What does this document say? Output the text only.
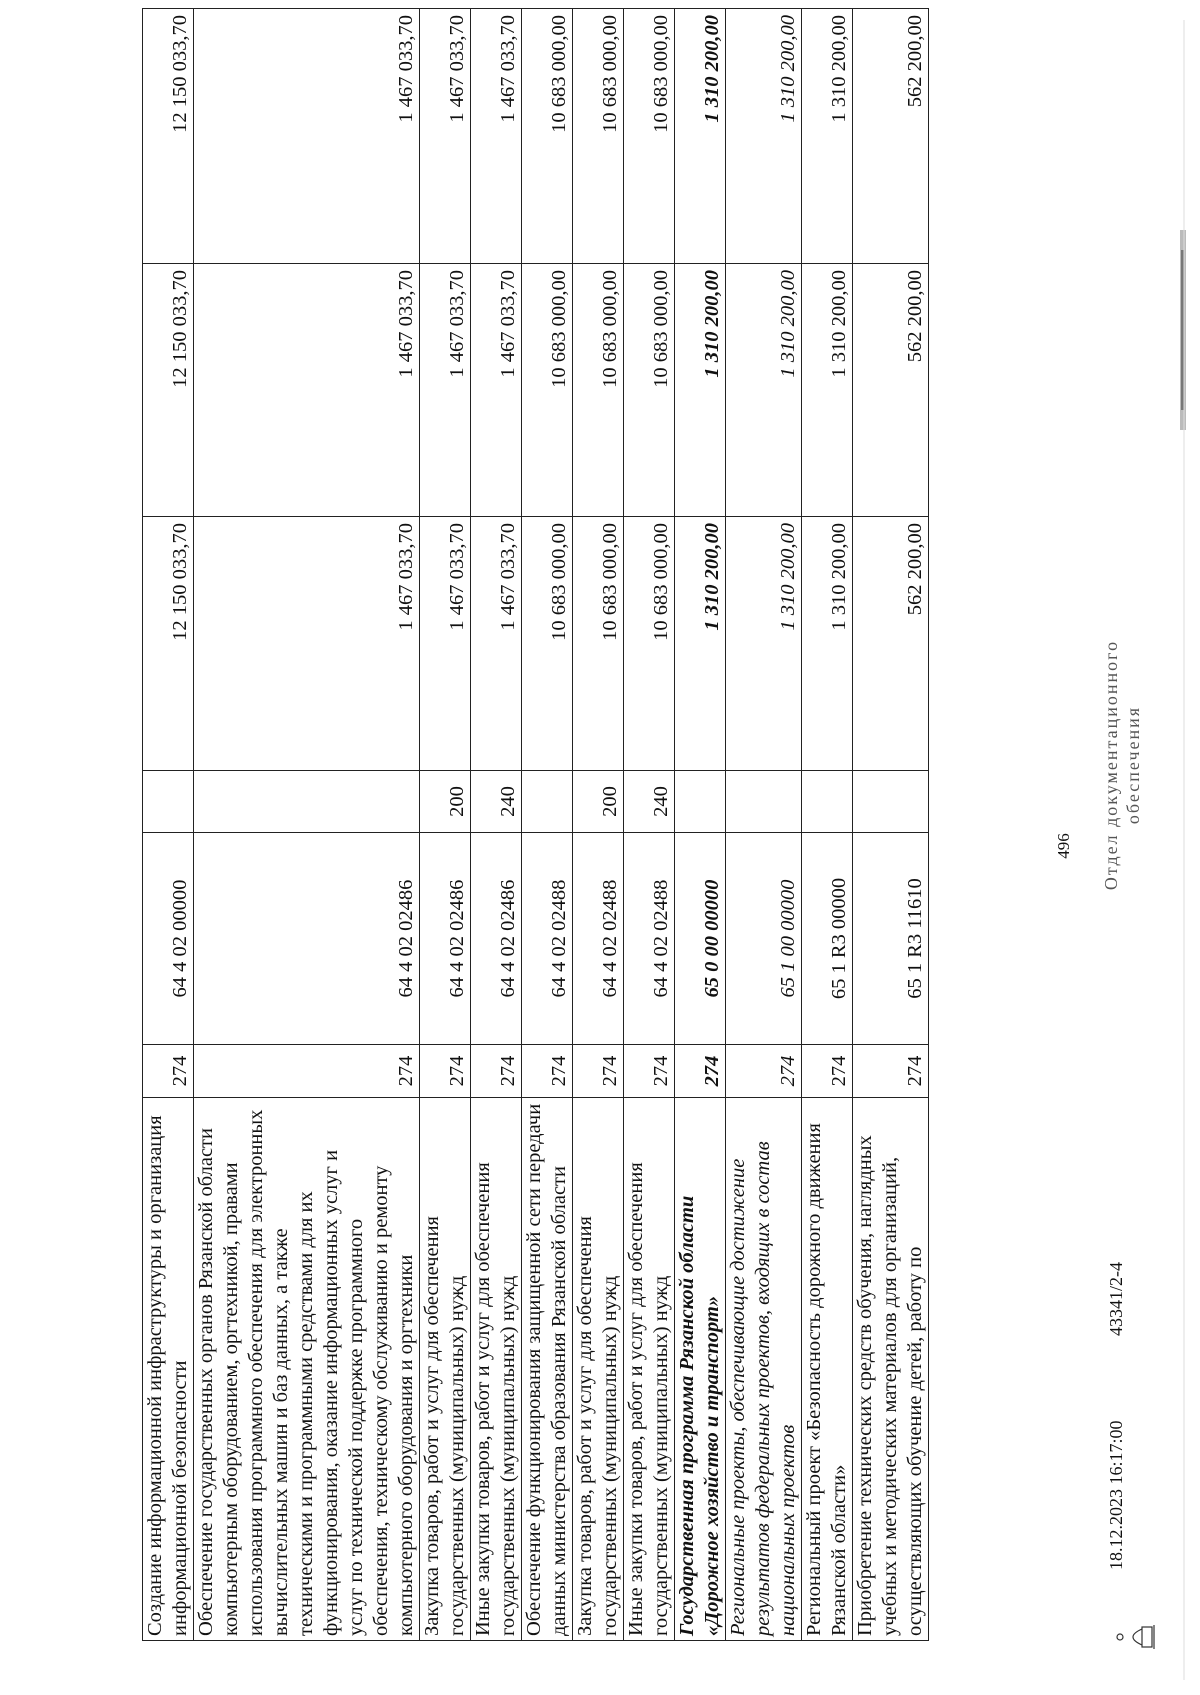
496
Создание информационной инфраструктуры и организация информационной безопасности	274	64 4 02 00000		12 150 033,70	12 150 033,70	12 150 033,70
Обеспечение государственных органов Рязанской области компьютерным оборудованием, оргтехникой, правами использования программного обеспечения для электронных вычислительных машин и баз данных, а также техническими и программными средствами для их функционирования, оказание информационных услуг и услуг по технической поддержке программного обеспечения, техническому обслуживанию и ремонту компьютерного оборудования и оргтехники	274	64 4 02 02486		1 467 033,70	1 467 033,70	1 467 033,70
Закупка товаров, работ и услуг для обеспечения государственных (муниципальных) нужд	274	64 4 02 02486	200	1 467 033,70	1 467 033,70	1 467 033,70
Иные закупки товаров, работ и услуг для обеспечения государственных (муниципальных) нужд	274	64 4 02 02486	240	1 467 033,70	1 467 033,70	1 467 033,70
Обеспечение функционирования защищенной сети передачи данных министерства образования Рязанской области	274	64 4 02 02488		10 683 000,00	10 683 000,00	10 683 000,00
Закупка товаров, работ и услуг для обеспечения государственных (муниципальных) нужд	274	64 4 02 02488	200	10 683 000,00	10 683 000,00	10 683 000,00
Иные закупки товаров, работ и услуг для обеспечения государственных (муниципальных) нужд	274	64 4 02 02488	240	10 683 000,00	10 683 000,00	10 683 000,00
Государственная программа Рязанской области «Дорожное хозяйство и транспорт»	274	65 0 00 00000		1 310 200,00	1 310 200,00	1 310 200,00
Региональные проекты, обеспечивающие достижение результатов федеральных проектов, входящих в состав национальных проектов	274	65 1 00 00000		1 310 200,00	1 310 200,00	1 310 200,00
Региональный проект «Безопасность дорожного движения Рязанской области»	274	65 1 R3 00000		1 310 200,00	1 310 200,00	1 310 200,00
Приобретение технических средств обучения, наглядных учебных и методических материалов для организаций, осуществляющих обучение детей, работу по	274	65 1 R3 11610		562 200,00	562 200,00	562 200,00
18.12.2023 16:17:00 43341/2-4
Отдел документационного обеспечения
